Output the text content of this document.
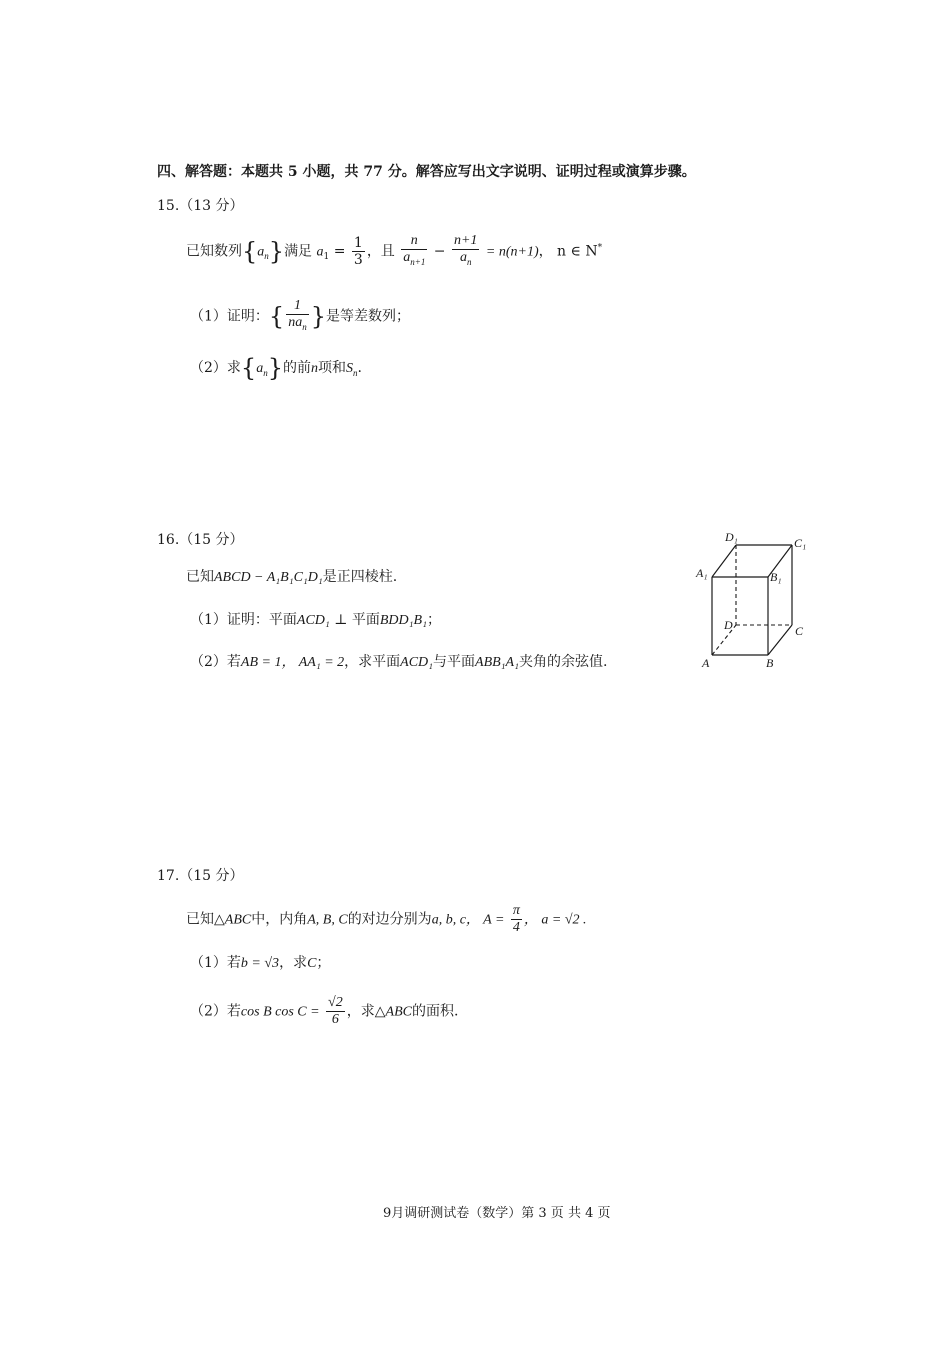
四、解答题：本题共 5 小题，共 77 分。解答应写出文字说明、证明过程或演算步骤。
15.（13 分）
已知数列$\{a_n\}$满足 $a_1 = \frac{1}{3}$ ，且 $\frac{n}{a_{n+1}} - \frac{n+1}{a_n} = n(n+1)$， n ∈ N*
（1）证明：{ $\frac{1}{na_n}$ }是等差数列；
（2）求$\{a_n\}$的前n项和$S_n$.
16.（15 分）
已知ABCD − A₁B₁C₁D₁是正四棱柱.
（1）证明：平面ACD₁ ⊥ 平面BDD₁B₁；
（2）若AB = 1， AA₁ = 2，求平面ACD₁与平面ABB₁A₁夹角的余弦值.
D₁	C₁
A₁	B₁
D	C
A	B
17.（15 分）
已知△ABC中，内角A, B, C的对边分别为a, b, c， $A = \frac{\pi}{4}$ ， a = √2 .
（1）若b = √3，求C；
（2）若cos B $\cos C = \frac{√2}{6}$ ，求△ABC的面积.
9月调研测试卷（数学）第 3 页 共 4 页
